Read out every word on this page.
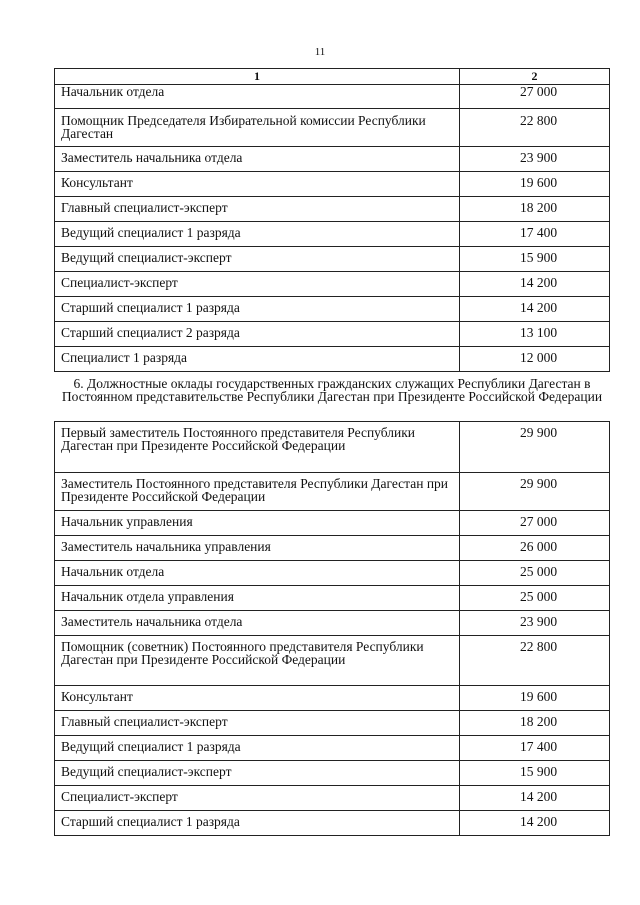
11
1	2
Начальник отдела	27 000
Помощник Председателя Избирательной комиссии Республики Дагестан	22 800
Заместитель начальника отдела	23 900
Консультант	19 600
Главный специалист-эксперт	18 200
Ведущий специалист 1 разряда	17 400
Ведущий специалист-эксперт	15 900
Специалист-эксперт	14 200
Старший специалист 1 разряда	14 200
Старший специалист 2 разряда	13 100
Специалист 1 разряда	12 000
6. Должностные оклады государственных гражданских служащих Республики Дагестан в Постоянном представительстве Республики Дагестан при Президенте Российской Федерации	
Первый заместитель Постоянного представителя Республики Дагестан при Президенте Российской Федерации	29 900
Заместитель Постоянного представителя Республики Дагестан при Президенте Российской Федерации	29 900
Начальник управления	27 000
Заместитель начальника управления	26 000
Начальник отдела	25 000
Начальник отдела управления	25 000
Заместитель начальника отдела	23 900
Помощник (советник) Постоянного представителя Республики Дагестан при Президенте Российской Федерации	22 800
Консультант	19 600
Главный специалист-эксперт	18 200
Ведущий специалист 1 разряда	17 400
Ведущий специалист-эксперт	15 900
Специалист-эксперт	14 200
Старший специалист 1 разряда	14 200
